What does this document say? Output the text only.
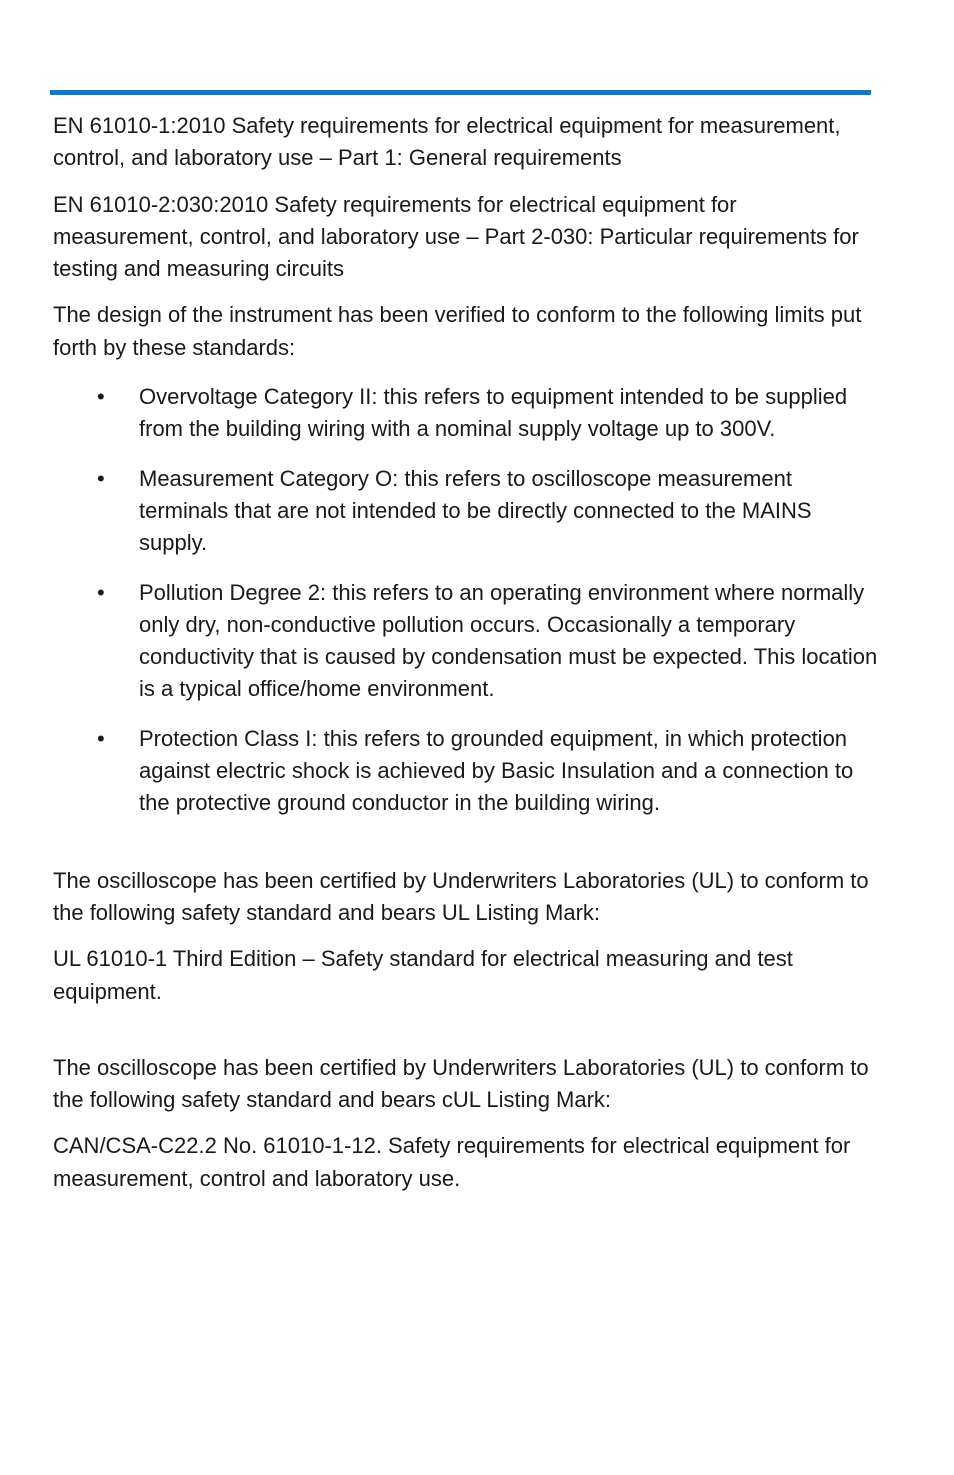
EN 61010-1:2010 Safety requirements for electrical equipment for measurement, control, and laboratory use – Part 1: General requirements

EN 61010-2:030:2010 Safety requirements for electrical equipment for measurement, control, and laboratory use – Part 2-030: Particular requirements for testing and measuring circuits

The design of the instrument has been verified to conform to the following limits put forth by these standards:

• Overvoltage Category II: this refers to equipment intended to be supplied from the building wiring with a nominal supply voltage up to 300V.
• Measurement Category O: this refers to oscilloscope measurement terminals that are not intended to be directly connected to the MAINS supply.
• Pollution Degree 2: this refers to an operating environment where normally only dry, non-conductive pollution occurs. Occasionally a temporary conductivity that is caused by condensation must be expected. This location is a typical office/home environment.
• Protection Class I: this refers to grounded equipment, in which protection against electric shock is achieved by Basic Insulation and a connection to the protective ground conductor in the building wiring.

The oscilloscope has been certified by Underwriters Laboratories (UL) to conform to the following safety standard and bears UL Listing Mark:

UL 61010-1 Third Edition – Safety standard for electrical measuring and test equipment.

The oscilloscope has been certified by Underwriters Laboratories (UL) to conform to the following safety standard and bears cUL Listing Mark:

CAN/CSA-C22.2 No. 61010-1-12. Safety requirements for electrical equipment for measurement, control and laboratory use.
